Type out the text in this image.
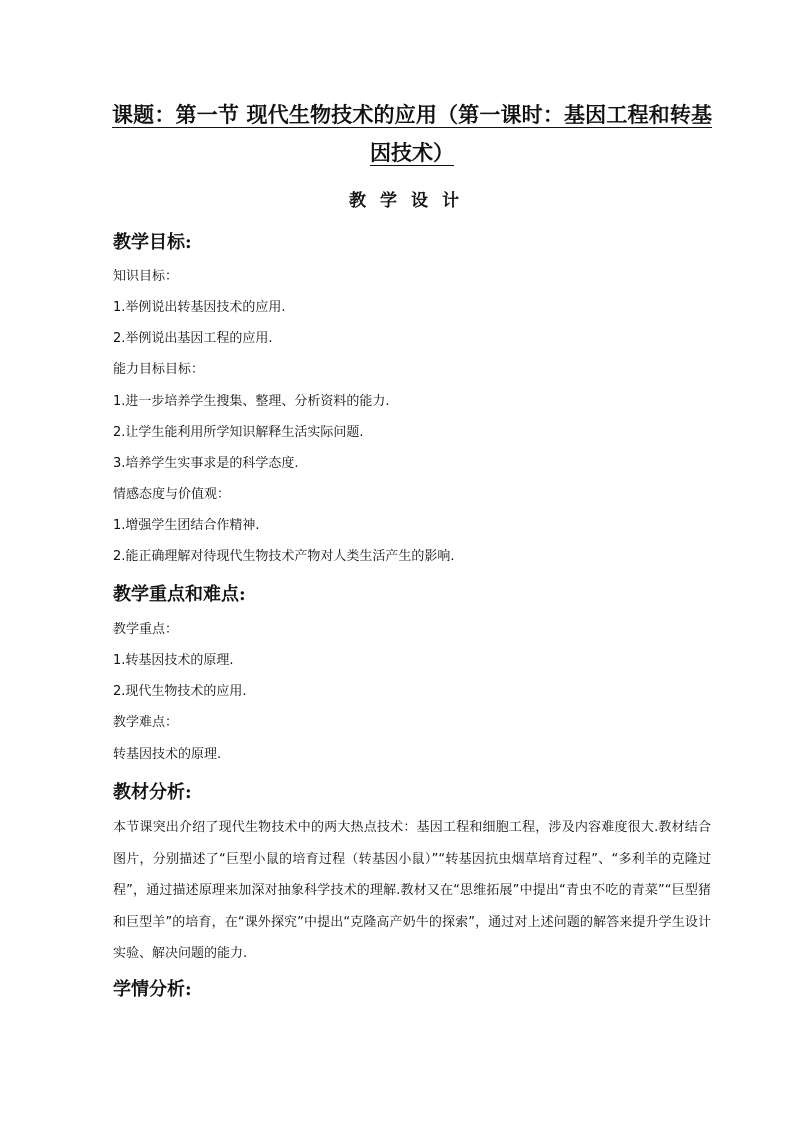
课题：第一节 现代生物技术的应用（第一课时：基因工程和转基
因技术）
教学设计
教学目标:
知识目标：
1.举例说出转基因技术的应用.
2.举例说出基因工程的应用.
能力目标目标：
1.进一步培养学生搜集、整理、分析资料的能力.
2.让学生能利用所学知识解释生活实际问题.
3.培养学生实事求是的科学态度.
情感态度与价值观：
1.增强学生团结合作精神.
2.能正确理解对待现代生物技术产物对人类生活产生的影响.
教学重点和难点:
教学重点：
1.转基因技术的原理.
2.现代生物技术的应用.
教学难点：
转基因技术的原理.
教材分析:
本节课突出介绍了现代生物技术中的两大热点技术：基因工程和细胞工程，涉及内容难度很大.教材结合图片，分别描述了“巨型小鼠的培育过程（转基因小鼠）”“转基因抗虫烟草培育过程”、“多利羊的克隆过程”，通过描述原理来加深对抽象科学技术的理解.教材又在“思维拓展”中提出“青虫不吃的青菜”“巨型猪和巨型羊”的培育，在“课外探究”中提出“克隆高产奶牛的探索”，通过对上述问题的解答来提升学生设计实验、解决问题的能力.
学情分析:
